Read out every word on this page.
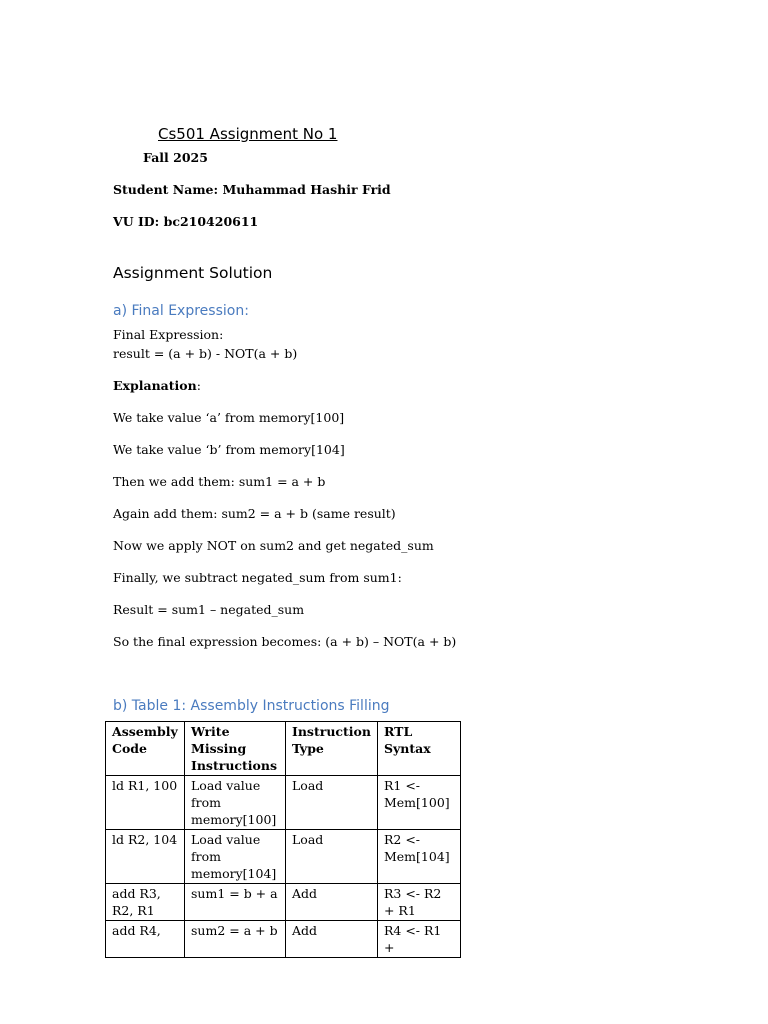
Cs501 Assignment No 1
Fall 2025
Student Name: Muhammad Hashir Frid
VU ID: bc210420611
Assignment Solution
a) Final Expression:
Final Expression:
result = (a + b) - NOT(a + b)
Explanation:
We take value ‘a’ from memory[100]
We take value ‘b’ from memory[104]
Then we add them: sum1 = a + b
Again add them: sum2 = a + b (same result)
Now we apply NOT on sum2 and get negated_sum
Finally, we subtract negated_sum from sum1:
Result = sum1 – negated_sum
So the final expression becomes: (a + b) – NOT(a + b)
b) Table 1: Assembly Instructions Filling
Assembly Code	Write Missing Instructions	Instruction Type	RTL Syntax
ld R1, 100	Load value from memory[100]	Load	R1 <- Mem[100]
ld R2, 104	Load value from memory[104]	Load	R2 <- Mem[104]
add R3, R2, R1	sum1 = b + a	Add	R3 <- R2 + R1
add R4,	sum2 = a + b	Add	R4 <- R1 +
